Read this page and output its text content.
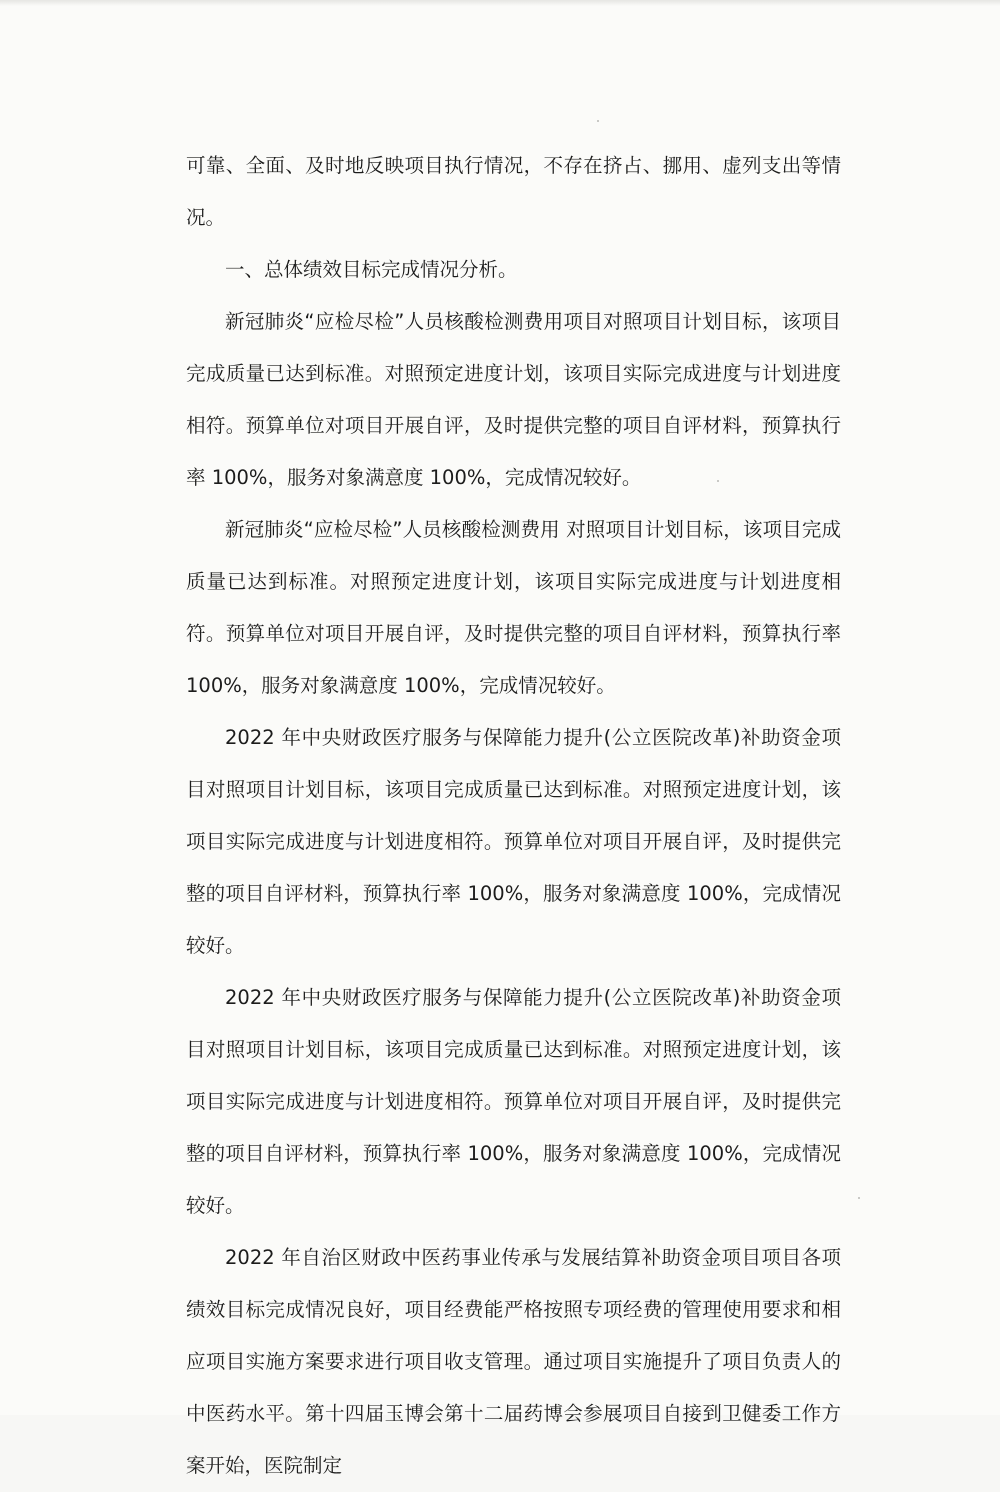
可靠、全面、及时地反映项目执行情况，不存在挤占、挪用、虚列支出等情况。

一、总体绩效目标完成情况分析。

新冠肺炎“应检尽检”人员核酸检测费用项目对照项目计划目标，该项目完成质量已达到标准。对照预定进度计划，该项目实际完成进度与计划进度相符。预算单位对项目开展自评，及时提供完整的项目自评材料，预算执行率 100%，服务对象满意度 100%，完成情况较好。

新冠肺炎“应检尽检”人员核酸检测费用 对照项目计划目标，该项目完成质量已达到标准。对照预定进度计划，该项目实际完成进度与计划进度相符。预算单位对项目开展自评，及时提供完整的项目自评材料，预算执行率 100%，服务对象满意度 100%，完成情况较好。

2022 年中央财政医疗服务与保障能力提升(公立医院改革)补助资金项目对照项目计划目标，该项目完成质量已达到标准。对照预定进度计划，该项目实际完成进度与计划进度相符。预算单位对项目开展自评，及时提供完整的项目自评材料，预算执行率 100%，服务对象满意度 100%，完成情况较好。

2022 年中央财政医疗服务与保障能力提升(公立医院改革)补助资金项目对照项目计划目标，该项目完成质量已达到标准。对照预定进度计划，该项目实际完成进度与计划进度相符。预算单位对项目开展自评，及时提供完整的项目自评材料，预算执行率 100%，服务对象满意度 100%，完成情况较好。

2022 年自治区财政中医药事业传承与发展结算补助资金项目项目各项绩效目标完成情况良好，项目经费能严格按照专项经费的管理使用要求和相应项目实施方案要求进行项目收支管理。通过项目实施提升了项目负责人的中医药水平。第十四届玉博会第十二届药博会参展项目自接到卫健委工作方案开始，医院制定
